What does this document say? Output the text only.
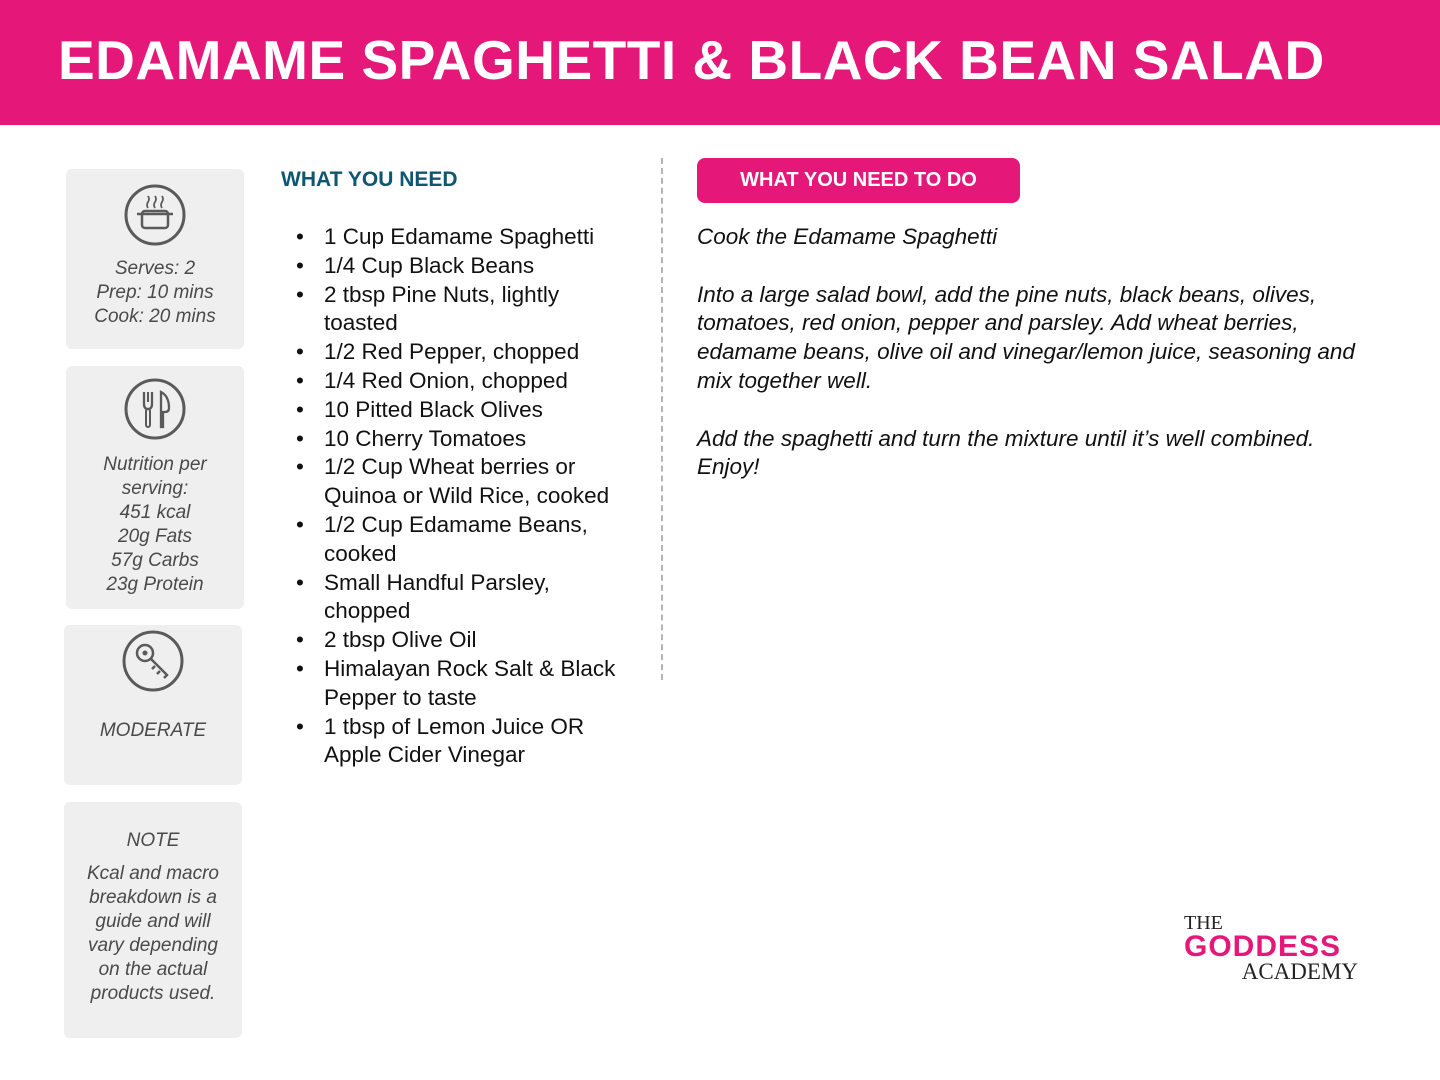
EDAMAME SPAGHETTI & BLACK BEAN SALAD
Serves: 2
Prep: 10 mins
Cook: 20 mins
Nutrition per
serving:
451 kcal
20g Fats
57g Carbs
23g Protein
MODERATE
NOTE
Kcal and macro
breakdown is a
guide and will
vary depending
on the actual
products used.
WHAT YOU NEED
• 1 Cup Edamame Spaghetti
• 1/4 Cup Black Beans
• 2 tbsp Pine Nuts, lightly toasted
• 1/2 Red Pepper, chopped
• 1/4 Red Onion, chopped
• 10 Pitted Black Olives
• 10 Cherry Tomatoes
• 1/2 Cup Wheat berries or Quinoa or Wild Rice, cooked
• 1/2 Cup Edamame Beans, cooked
• Small Handful Parsley, chopped
• 2 tbsp Olive Oil
• Himalayan Rock Salt & Black Pepper to taste
• 1 tbsp of Lemon Juice OR Apple Cider Vinegar
WHAT YOU NEED TO DO

Cook the Edamame Spaghetti

Into a large salad bowl, add the pine nuts, black beans, olives, tomatoes, red onion, pepper and parsley. Add wheat berries, edamame beans, olive oil and vinegar/lemon juice, seasoning and mix together well.

Add the spaghetti and turn the mixture until it’s well combined. Enjoy!

THE
GODDESS
ACADEMY
